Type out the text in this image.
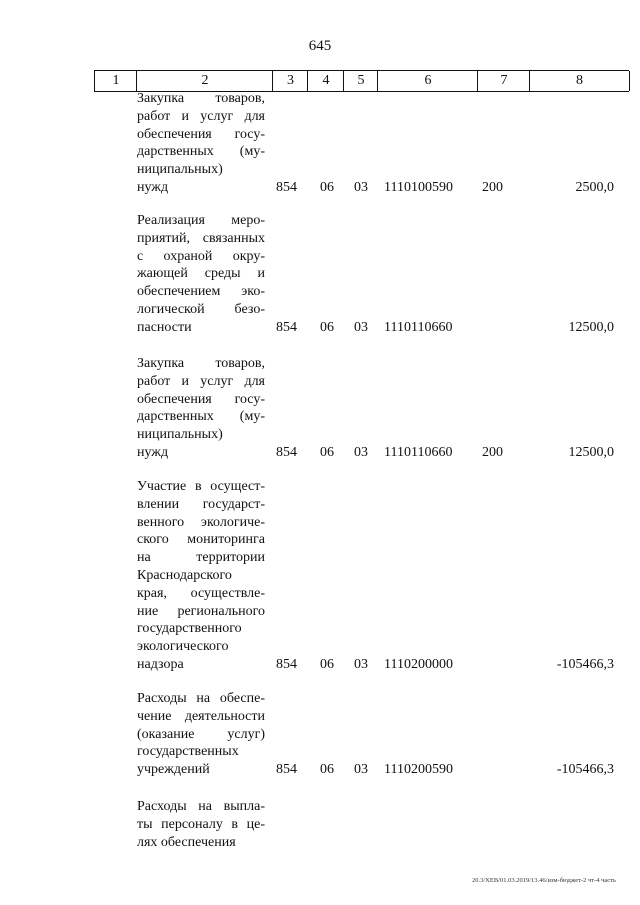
645
1	2	3	4	5	6	7	8
Закупка товаров,
работ и услуг для
обеспечения госу-
дарственных (му-
ниципальных)
нужд	854 06 03 1110100590 200	2500,0
Реализация меро-
приятий, связанных
с охраной окру-
жающей среды и
обеспечением эко-
логической безо-
пасности	854 06 03 1110110660	12500,0
Закупка товаров,
работ и услуг для
обеспечения госу-
дарственных (му-
ниципальных)
нужд	854 06 03 1110110660 200	12500,0
Участие в осущест-
влении государст-
венного экологиче-
ского мониторинга
на территории
Краснодарского
края, осуществле-
ние регионального
государственного
экологического
надзора	854 06 03 1110200000	-105466,3
Расходы на обеспе-
чение деятельности
(оказание услуг)
государственных
учреждений	854 06 03 1110200590	-105466,3
Расходы на выпла-
ты персоналу в це-
лях обеспечения
20.3/ХЕВ/01.03.2019/13.46/изм-бюджет-2 чт-4 часть
